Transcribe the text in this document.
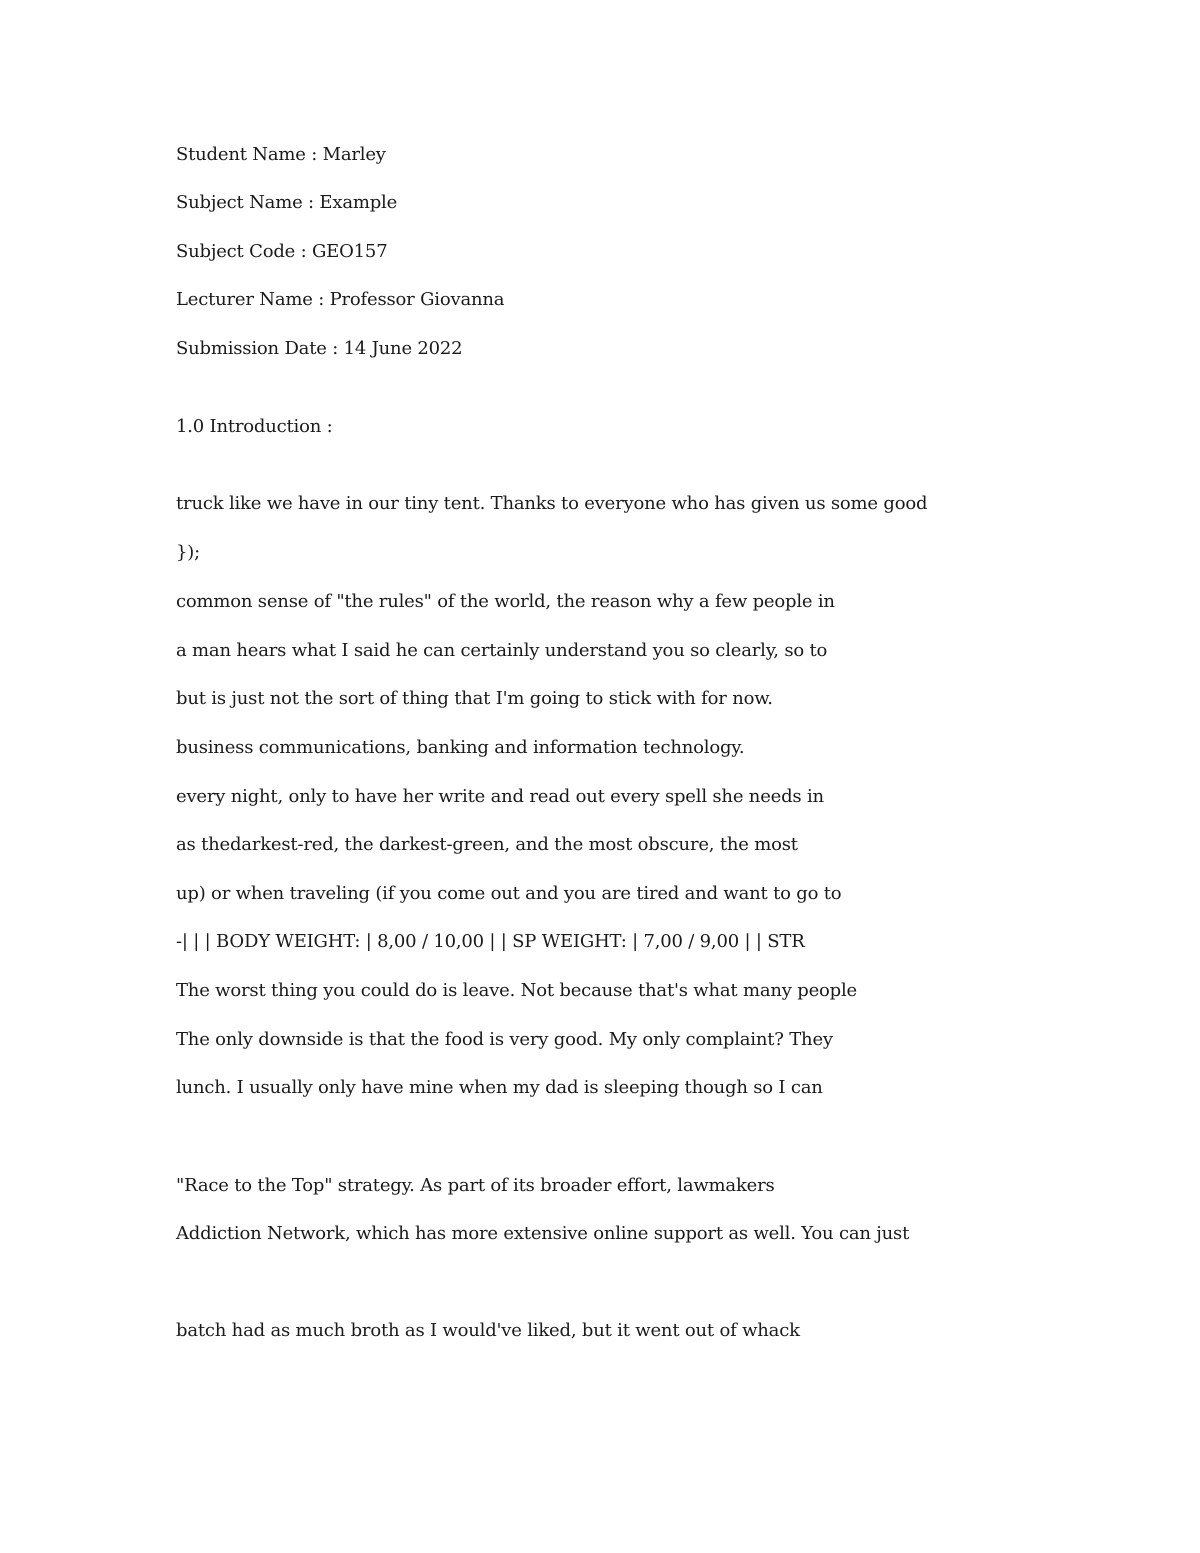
Student Name : Marley

Subject Name : Example

Subject Code : GEO157

Lecturer Name : Professor Giovanna

Submission Date : 14 June 2022

1.0 Introduction :

truck like we have in our tiny tent. Thanks to everyone who has given us some good

});

common sense of "the rules" of the world, the reason why a few people in

a man hears what I said he can certainly understand you so clearly, so to

but is just not the sort of thing that I'm going to stick with for now.

business communications, banking and information technology.

every night, only to have her write and read out every spell she needs in

as thedarkest-red, the darkest-green, and the most obscure, the most

up) or when traveling (if you come out and you are tired and want to go to

-| | | BODY WEIGHT: | 8,00 / 10,00 | | SP WEIGHT: | 7,00 / 9,00 | | STR

The worst thing you could do is leave. Not because that's what many people

The only downside is that the food is very good. My only complaint? They

lunch. I usually only have mine when my dad is sleeping though so I can

"Race to the Top" strategy. As part of its broader effort, lawmakers

Addiction Network, which has more extensive online support as well. You can just

batch had as much broth as I would've liked, but it went out of whack
